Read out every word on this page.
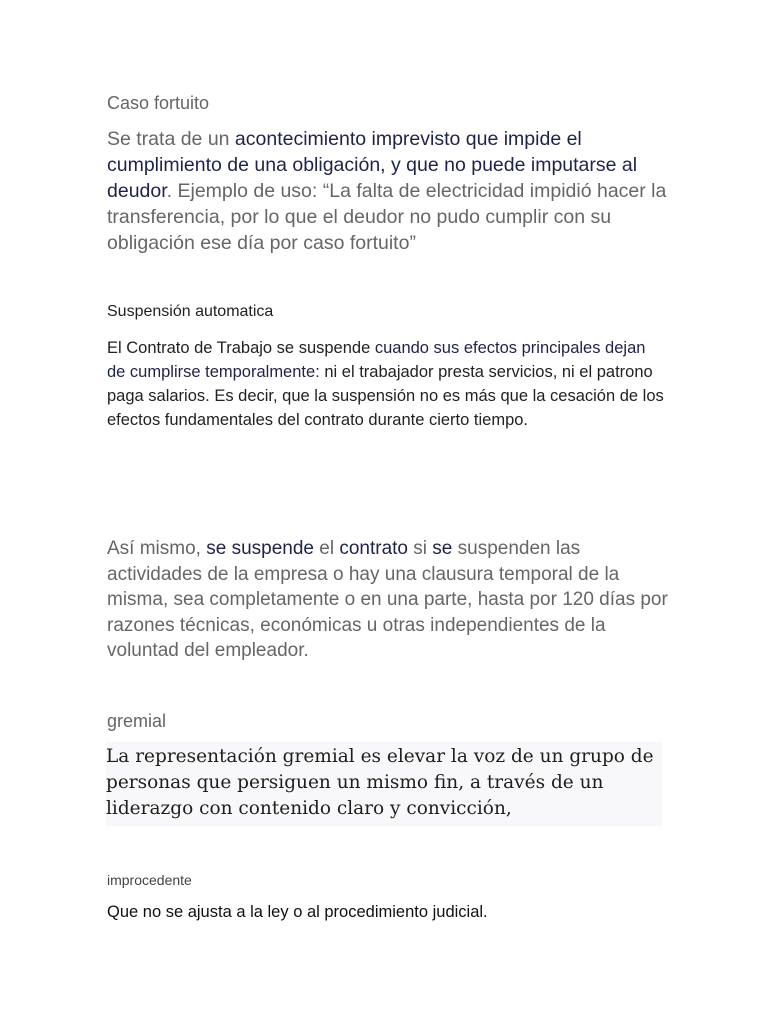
Caso fortuito

Se trata de un acontecimiento imprevisto que impide el cumplimiento de una obligación, y que no puede imputarse al deudor. Ejemplo de uso: “La falta de electricidad impidió hacer la transferencia, por lo que el deudor no pudo cumplir con su obligación ese día por caso fortuito”

Suspensión automatica

El Contrato de Trabajo se suspende cuando sus efectos principales dejan de cumplirse temporalmente: ni el trabajador presta servicios, ni el patrono paga salarios. Es decir, que la suspensión no es más que la cesación de los efectos fundamentales del contrato durante cierto tiempo.

Así mismo, se suspende el contrato si se suspenden las actividades de la empresa o hay una clausura temporal de la misma, sea completamente o en una parte, hasta por 120 días por razones técnicas, económicas u otras independientes de la voluntad del empleador.

gremial

La representación gremial es elevar la voz de un grupo de personas que persiguen un mismo fin, a través de un liderazgo con contenido claro y convicción,

improcedente

Que no se ajusta a la ley o al procedimiento judicial.
